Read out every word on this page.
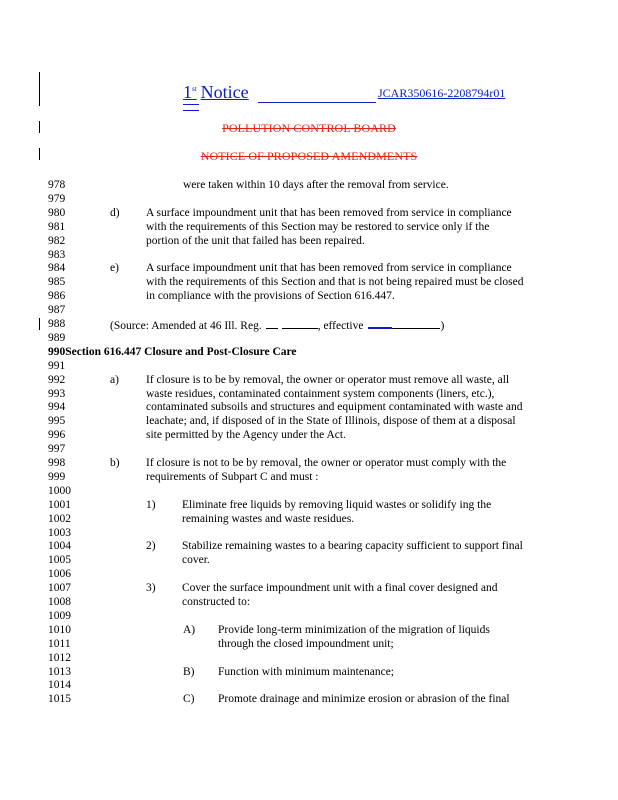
1st Notice	JCAR350616-2208794r01
POLLUTION CONTROL BOARD
NOTICE OF PROPOSED AMENDMENTS
978	were taken within 10 days after the removal from service.
979
980	d) A surface impoundment unit that has been removed from service in compliance
981	with the requirements of this Section may be restored to service only if the
982	portion of the unit that failed has been repaired.
983
984	e) A surface impoundment unit that has been removed from service in compliance
985	with the requirements of this Section and that is not being repaired must be closed
986	in compliance with the provisions of Section 616.447.
987
988	(Source: Amended at 46 Ill. Reg.	, effective	)
989
990Section 616.447 Closure and Post-Closure Care
991
992	a) If closure is to be by removal, the owner or operator must remove all waste, all
993	waste residues, contaminated containment system components (liners, etc.),
994	contaminated subsoils and structures and equipment contaminated with waste and
995	leachate; and, if disposed of in the State of Illinois, dispose of them at a disposal
996	site permitted by the Agency under the Act.
997
998	b) If closure is not to be by removal, the owner or operator must comply with the
999	requirements of Subpart C and must :
1000
1001	1) Eliminate free liquids by removing liquid wastes or solidify ing the
1002	remaining wastes and waste residues.
1003
1004	2) Stabilize remaining wastes to a bearing capacity sufficient to support final
1005	cover.
1006
1007	3) Cover the surface impoundment unit with a final cover designed and
1008	constructed to:
1009
1010	A) Provide long-term minimization of the migration of liquids
1011	through the closed impoundment unit;
1012
1013	B) Function with minimum maintenance;
1014
1015	C) Promote drainage and minimize erosion or abrasion of the final
